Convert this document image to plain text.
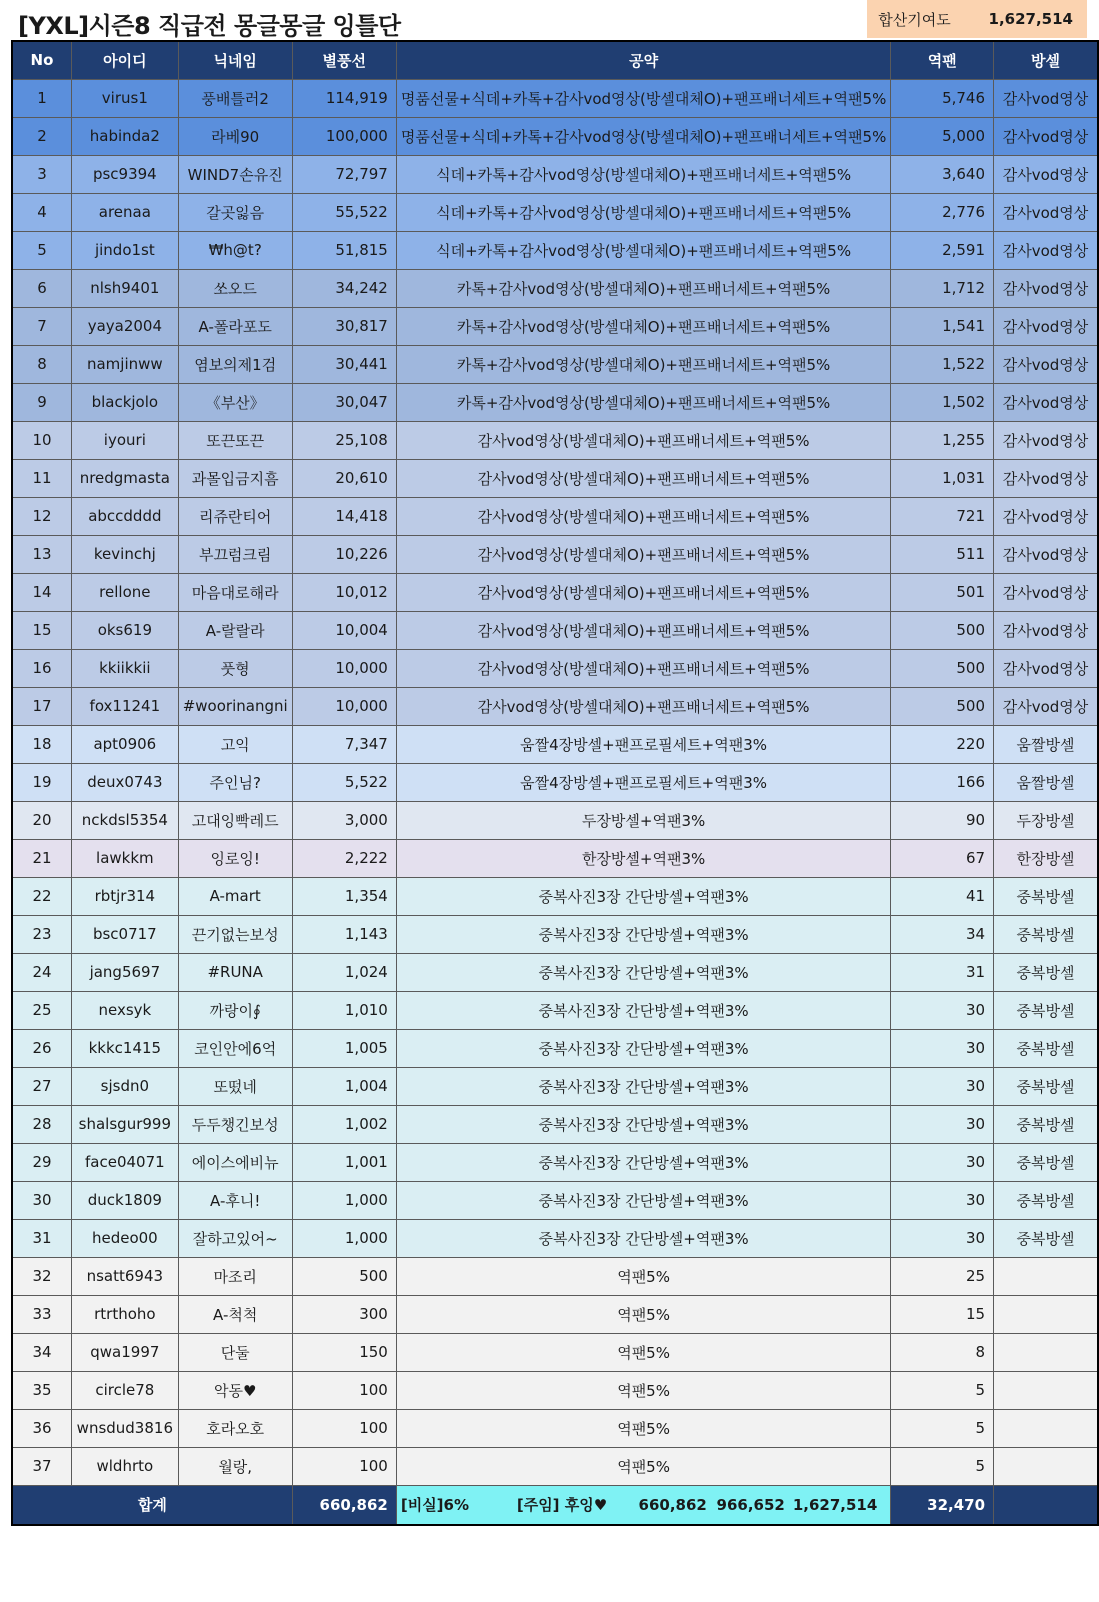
[YXL]시즌8 직급전 몽글몽글 잉틀단	합산기여도	1,627,514
No	아이디	닉네임	별풍선	공약	역팬	방셀
1	virus1	풍배틀러2	114,919	명품선물+식데+카톡+감사vod영상(방셀대체O)+팬프배너세트+역팬5%	5,746	감사vod영상
2	habinda2	라베90	100,000	명품선물+식데+카톡+감사vod영상(방셀대체O)+팬프배너세트+역팬5%	5,000	감사vod영상
3	psc9394	WIND7손유진	72,797	식데+카톡+감사vod영상(방셀대체O)+팬프배너세트+역팬5%	3,640	감사vod영상
4	arenaa	갈곳잃음	55,522	식데+카톡+감사vod영상(방셀대체O)+팬프배너세트+역팬5%	2,776	감사vod영상
5	jindo1st	₩h@t?	51,815	식데+카톡+감사vod영상(방셀대체O)+팬프배너세트+역팬5%	2,591	감사vod영상
6	nlsh9401	쏘오드	34,242	카톡+감사vod영상(방셀대체O)+팬프배너세트+역팬5%	1,712	감사vod영상
7	yaya2004	A-폴라포도	30,817	카톡+감사vod영상(방셀대체O)+팬프배너세트+역팬5%	1,541	감사vod영상
8	namjinww	염보의제1검	30,441	카톡+감사vod영상(방셀대체O)+팬프배너세트+역팬5%	1,522	감사vod영상
9	blackjolo	《부산》	30,047	카톡+감사vod영상(방셀대체O)+팬프배너세트+역팬5%	1,502	감사vod영상
10	iyouri	또끈또끈	25,108	감사vod영상(방셀대체O)+팬프배너세트+역팬5%	1,255	감사vod영상
11	nredgmasta	과몰입금지흠	20,610	감사vod영상(방셀대체O)+팬프배너세트+역팬5%	1,031	감사vod영상
12	abccdddd	리쥬란티어	14,418	감사vod영상(방셀대체O)+팬프배너세트+역팬5%	721	감사vod영상
13	kevinchj	부끄럼크림	10,226	감사vod영상(방셀대체O)+팬프배너세트+역팬5%	511	감사vod영상
14	rellone	마음대로해라	10,012	감사vod영상(방셀대체O)+팬프배너세트+역팬5%	501	감사vod영상
15	oks619	A-랄랄라	10,004	감사vod영상(방셀대체O)+팬프배너세트+역팬5%	500	감사vod영상
16	kkiikkii	풋형	10,000	감사vod영상(방셀대체O)+팬프배너세트+역팬5%	500	감사vod영상
17	fox11241	#woorinangni	10,000	감사vod영상(방셀대체O)+팬프배너세트+역팬5%	500	감사vod영상
18	apt0906	고익	7,347	움짤4장방셀+팬프로필세트+역팬3%	220	움짤방셀
19	deux0743	주인님?	5,522	움짤4장방셀+팬프로필세트+역팬3%	166	움짤방셀
20	nckdsl5354	고대잉빡레드	3,000	두장방셀+역팬3%	90	두장방셀
21	lawkkm	잉로잉!	2,222	한장방셀+역팬3%	67	한장방셀
22	rbtjr314	A-mart	1,354	중복사진3장 간단방셀+역팬3%	41	중복방셀
23	bsc0717	끈기없는보성	1,143	중복사진3장 간단방셀+역팬3%	34	중복방셀
24	jang5697	#RUNA	1,024	중복사진3장 간단방셀+역팬3%	31	중복방셀
25	nexsyk	까랑이∮	1,010	중복사진3장 간단방셀+역팬3%	30	중복방셀
26	kkkc1415	코인안에6억	1,005	중복사진3장 간단방셀+역팬3%	30	중복방셀
27	sjsdn0	또떴네	1,004	중복사진3장 간단방셀+역팬3%	30	중복방셀
28	shalsgur999	두두챙긴보성	1,002	중복사진3장 간단방셀+역팬3%	30	중복방셀
29	face04071	에이스에비뉴	1,001	중복사진3장 간단방셀+역팬3%	30	중복방셀
30	duck1809	A-후니!	1,000	중복사진3장 간단방셀+역팬3%	30	중복방셀
31	hedeo00	잘하고있어~	1,000	중복사진3장 간단방셀+역팬3%	30	중복방셀
32	nsatt6943	마조리	500	역팬5%	25	
33	rtrthoho	A-척척	300	역팬5%	15	
34	qwa1997	단둘	150	역팬5%	8	
35	circle78	악동♥	100	역팬5%	5	
36	wnsdud3816	호라오호	100	역팬5%	5	
37	wldhrto	월랑,	100	역팬5%	5	
합계			660,862	[비실]6% [주임] 후잉♥ 660,862 966,652 1,627,514	32,470	
